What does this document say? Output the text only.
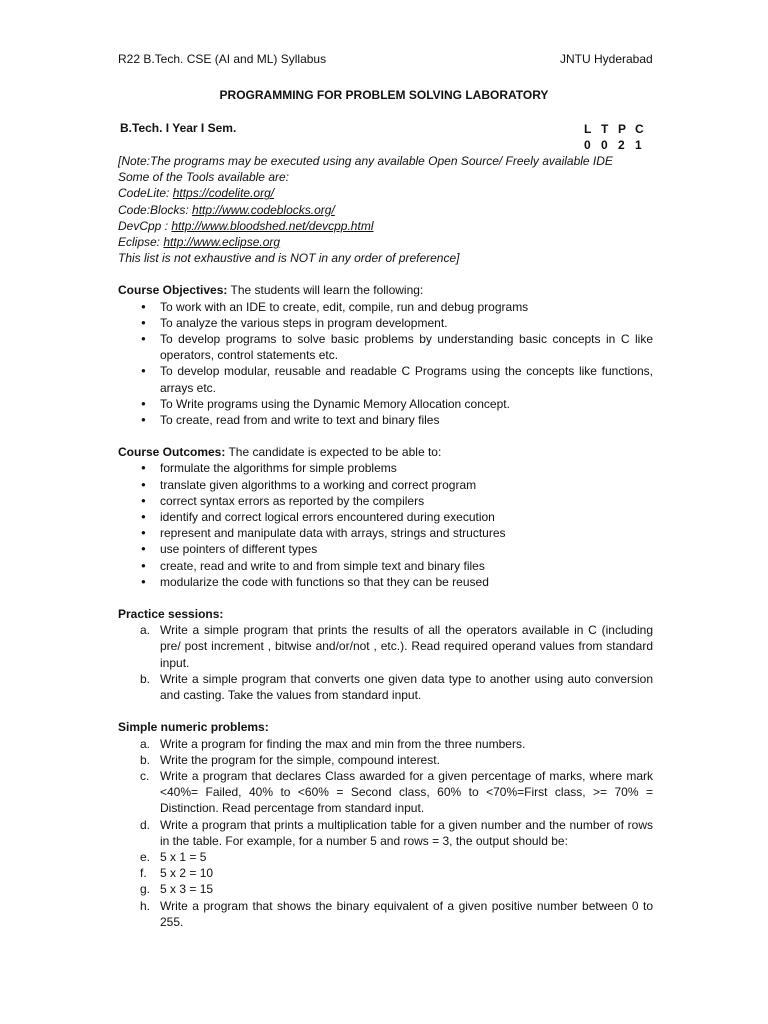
R22 B.Tech. CSE (AI and ML) Syllabus	JNTU Hyderabad
PROGRAMMING FOR PROBLEM SOLVING LABORATORY
B.Tech. I Year I Sem.	L T P C
0 0 2 1
[Note:The programs may be executed using any available Open Source/ Freely available IDE
Some of the Tools available are:
CodeLite: https://codelite.org/
Code:Blocks: http://www.codeblocks.org/
DevCpp : http://www.bloodshed.net/devcpp.html
Eclipse: http://www.eclipse.org
This list is not exhaustive and is NOT in any order of preference]
Course Objectives: The students will learn the following:
● To work with an IDE to create, edit, compile, run and debug programs
● To analyze the various steps in program development.
● To develop programs to solve basic problems by understanding basic concepts in C like operators, control statements etc.
● To develop modular, reusable and readable C Programs using the concepts like functions, arrays etc.
● To Write programs using the Dynamic Memory Allocation concept.
● To create, read from and write to text and binary files
Course Outcomes: The candidate is expected to be able to:
● formulate the algorithms for simple problems
● translate given algorithms to a working and correct program
● correct syntax errors as reported by the compilers
● identify and correct logical errors encountered during execution
● represent and manipulate data with arrays, strings and structures
● use pointers of different types
● create, read and write to and from simple text and binary files
● modularize the code with functions so that they can be reused
Practice sessions:
a. Write a simple program that prints the results of all the operators available in C (including pre/ post increment , bitwise and/or/not , etc.). Read required operand values from standard input.
b. Write a simple program that converts one given data type to another using auto conversion and casting. Take the values from standard input.
Simple numeric problems:
a. Write a program for finding the max and min from the three numbers.
b. Write the program for the simple, compound interest.
c. Write a program that declares Class awarded for a given percentage of marks, where mark <40%= Failed, 40% to <60% = Second class, 60% to <70%=First class, >= 70% = Distinction. Read percentage from standard input.
d. Write a program that prints a multiplication table for a given number and the number of rows in the table. For example, for a number 5 and rows = 3, the output should be:
e. 5 x 1 = 5
f. 5 x 2 = 10
g. 5 x 3 = 15
h. Write a program that shows the binary equivalent of a given positive number between 0 to 255.
